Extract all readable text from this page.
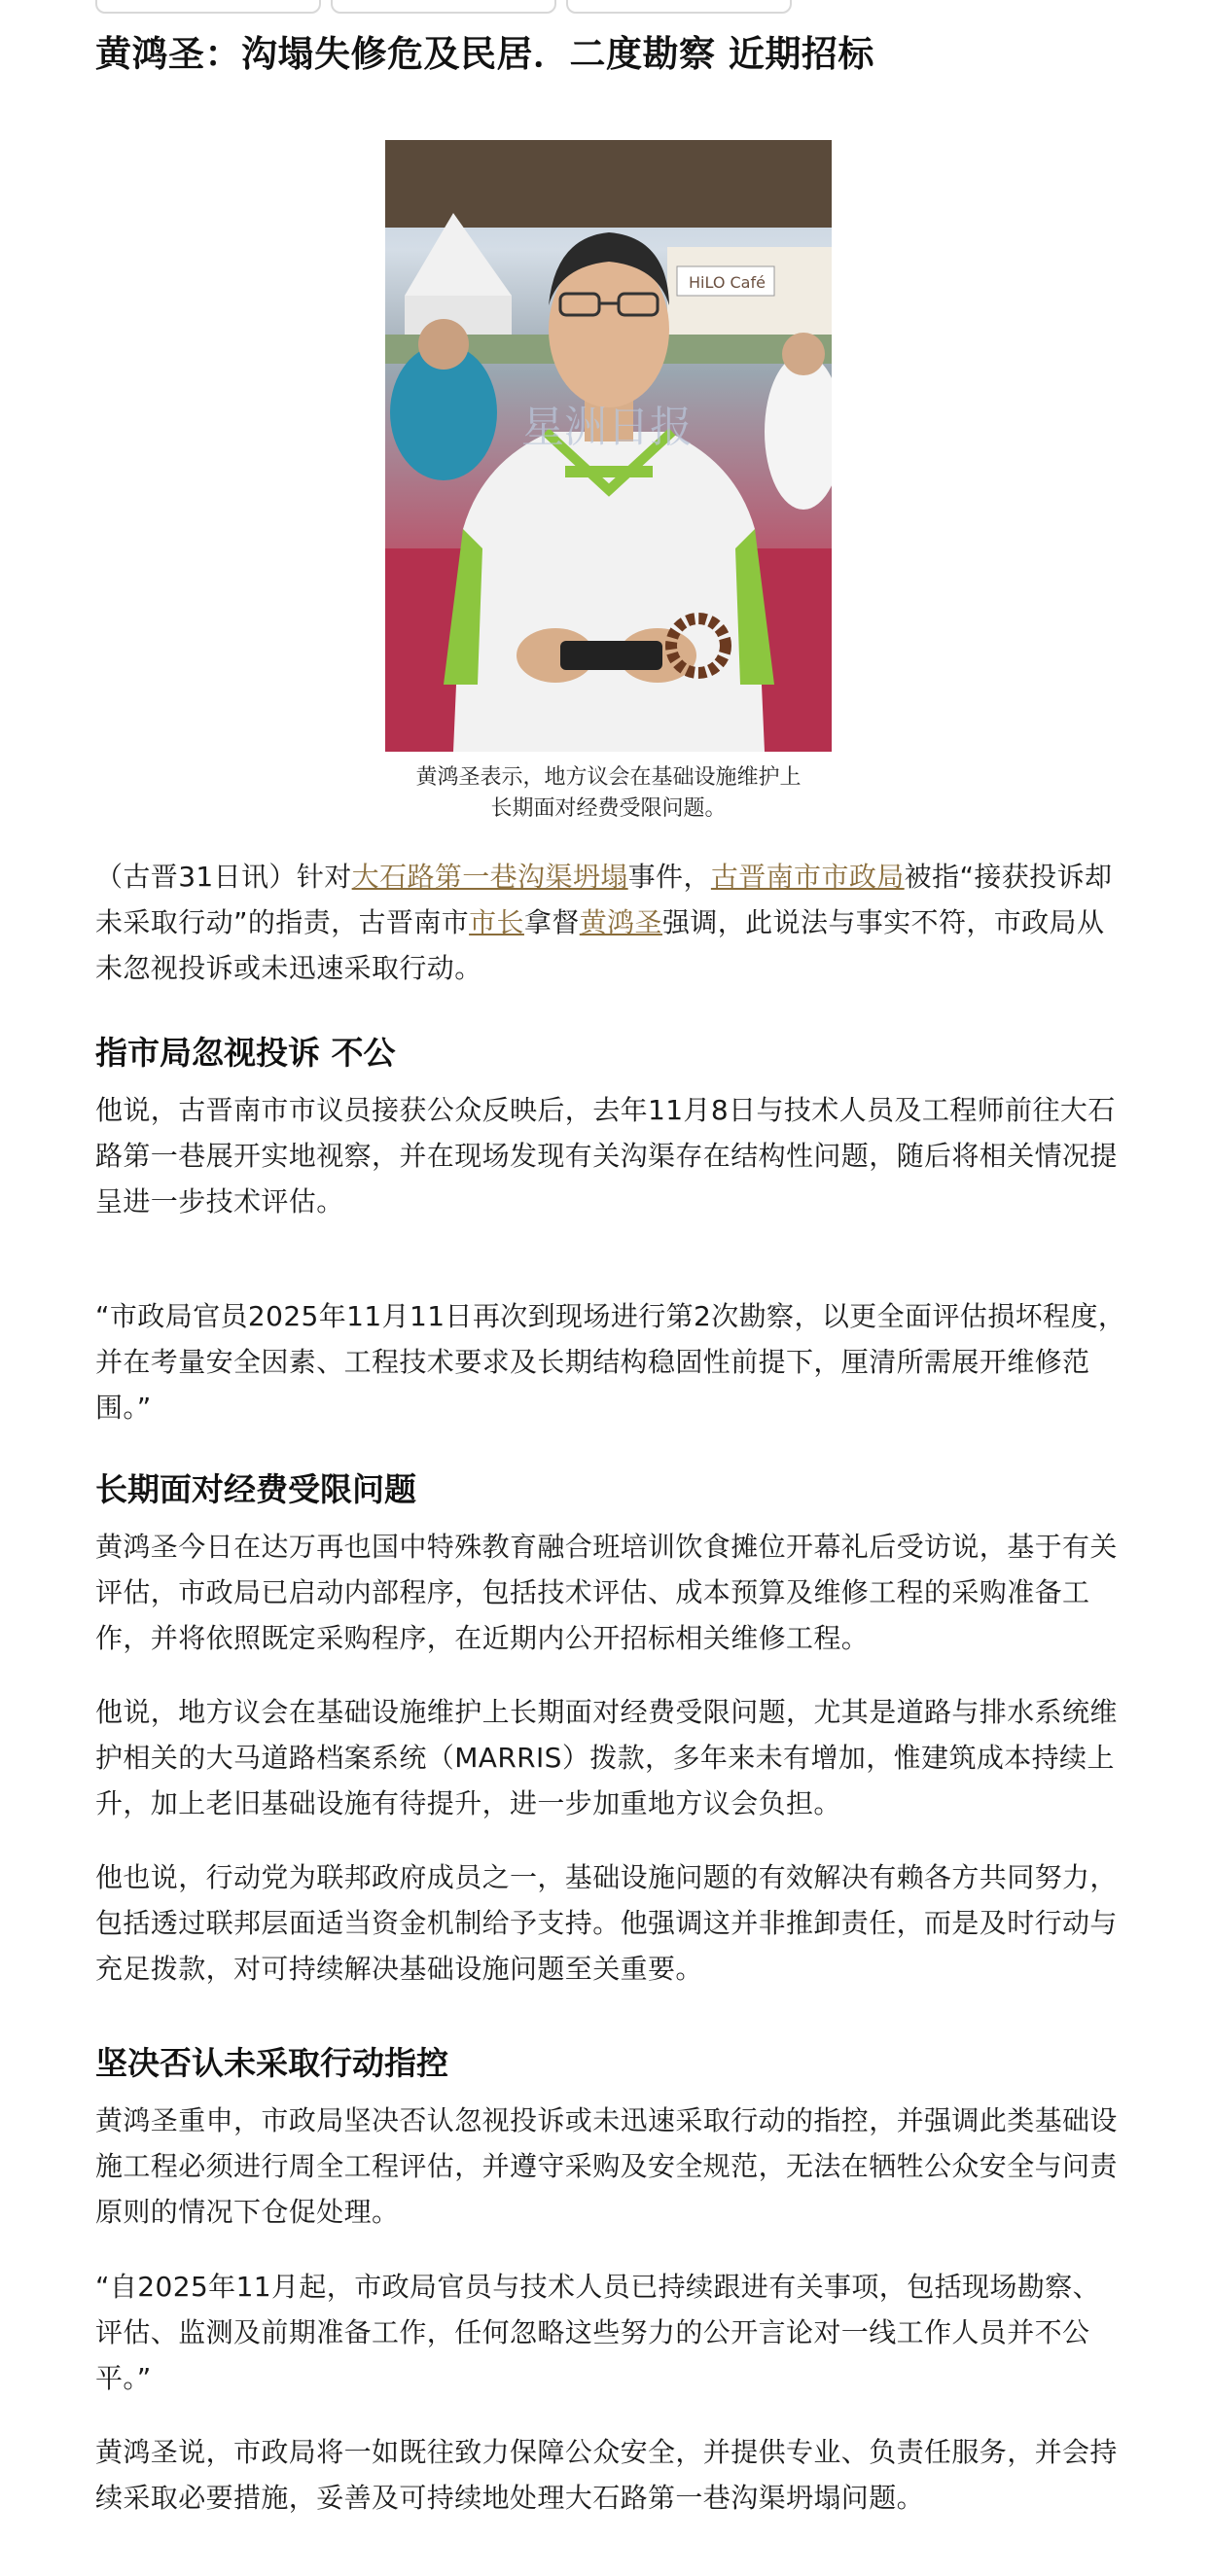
黄鸿圣：沟塌失修危及民居．二度勘察 近期招标
HiLO Café
星洲日报
黄鸿圣表示，地方议会在基础设施维护上
长期面对经费受限问题。

（古晋31日讯）针对大石路第一巷沟渠坍塌事件，古晋南市市政局被指“接获投诉却未采取行动”的指责，古晋南市市长拿督黄鸿圣强调，此说法与事实不符，市政局从未忽视投诉或未迅速采取行动。

指市局忽视投诉 不公

他说，古晋南市市议员接获公众反映后，去年11月8日与技术人员及工程师前往大石路第一巷展开实地视察，并在现场发现有关沟渠存在结构性问题，随后将相关情况提呈进一步技术评估。

“市政局官员2025年11月11日再次到现场进行第2次勘察，以更全面评估损坏程度，并在考量安全因素、工程技术要求及长期结构稳固性前提下，厘清所需展开维修范围。”

长期面对经费受限问题

黄鸿圣今日在达万再也国中特殊教育融合班培训饮食摊位开幕礼后受访说，基于有关评估，市政局已启动内部程序，包括技术评估、成本预算及维修工程的采购准备工作，并将依照既定采购程序，在近期内公开招标相关维修工程。

他说，地方议会在基础设施维护上长期面对经费受限问题，尤其是道路与排水系统维护相关的大马道路档案系统（MARRIS）拨款，多年来未有增加，惟建筑成本持续上升，加上老旧基础设施有待提升，进一步加重地方议会负担。

他也说，行动党为联邦政府成员之一，基础设施问题的有效解决有赖各方共同努力，包括透过联邦层面适当资金机制给予支持。他强调这并非推卸责任，而是及时行动与充足拨款，对可持续解决基础设施问题至关重要。

坚决否认未采取行动指控

黄鸿圣重申，市政局坚决否认忽视投诉或未迅速采取行动的指控，并强调此类基础设施工程必须进行周全工程评估，并遵守采购及安全规范，无法在牺牲公众安全与问责原则的情况下仓促处理。

“自2025年11月起，市政局官员与技术人员已持续跟进有关事项，包括现场勘察、评估、监测及前期准备工作，任何忽略这些努力的公开言论对一线工作人员并不公平。”

黄鸿圣说，市政局将一如既往致力保障公众安全，并提供专业、负责任服务，并会持续采取必要措施，妥善及可持续地处理大石路第一巷沟渠坍塌问题。
